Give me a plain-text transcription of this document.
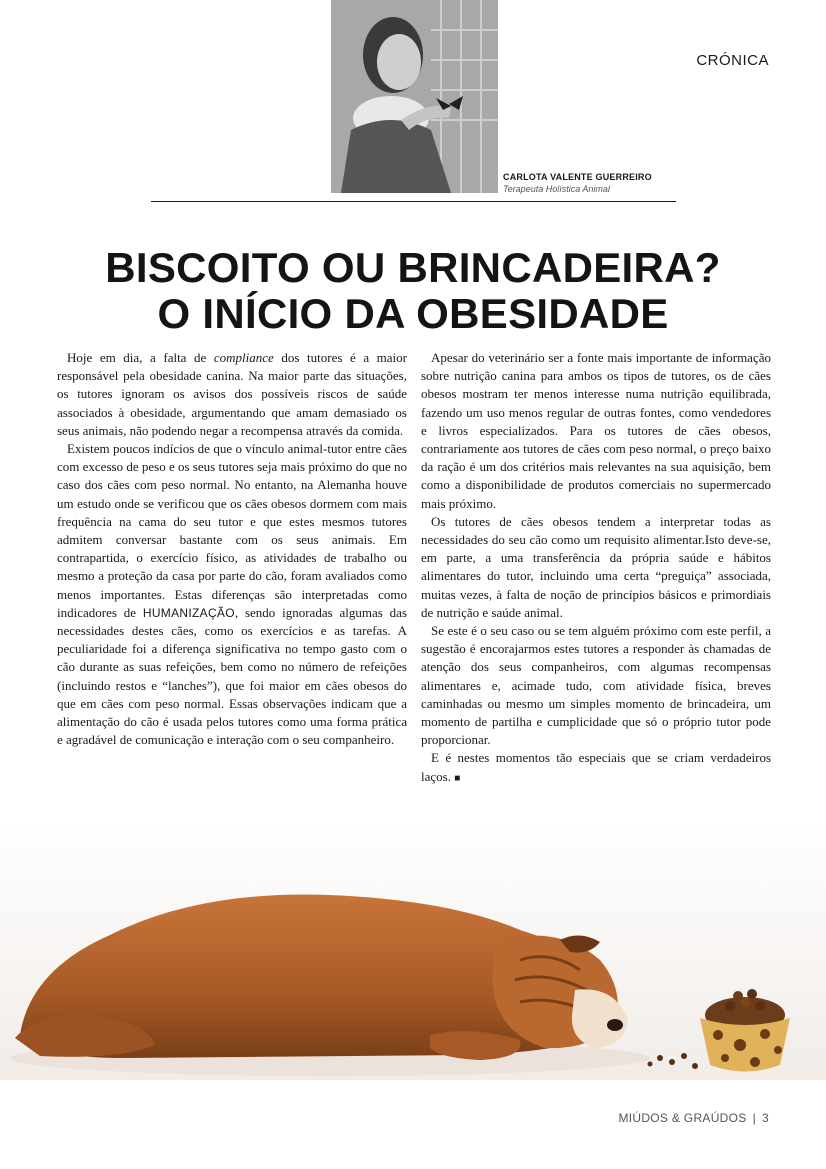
CRÓNICA
CARLOTA VALENTE GUERREIRO
Terapeuta Holística Animal
BISCOITO OU BRINCADEIRA?
O INÍCIO DA OBESIDADE

Hoje em dia, a falta de compliance dos tutores é a maior responsável pela obesidade canina. Na maior parte das situações, os tutores ignoram os avisos dos possíveis riscos de saúde associados à obesidade, argumentando que amam demasiado os seus animais, não podendo negar a recompensa através da comida.

Existem poucos indícios de que o vínculo animal-tutor entre cães com excesso de peso e os seus tutores seja mais próximo do que no caso dos cães com peso normal. No entanto, na Alemanha houve um estudo onde se verificou que os cães obesos dormem com mais frequência na cama do seu tutor e que estes mesmos tutores admitem conversar bastante com os seus animais. Em contrapartida, o exercício físico, as atividades de trabalho ou mesmo a proteção da casa por parte do cão, foram avaliados como menos importantes. Estas diferenças são interpretadas como indicadores de HUMANIZAÇÃO, sendo ignoradas algumas das necessidades destes cães, como os exercícios e as tarefas. A peculiaridade foi a diferença significativa no tempo gasto com o cão durante as suas refeições, bem como no número de refeições (incluindo restos e “lanches”), que foi maior em cães obesos do que em cães com peso normal. Essas observações indicam que a alimentação do cão é usada pelos tutores como uma forma prática e agradável de comunicação e interação com o seu companheiro.

Apesar do veterinário ser a fonte mais importante de informação sobre nutrição canina para ambos os tipos de tutores, os de cães obesos mostram ter menos interesse numa nutrição equilibrada, fazendo um uso menos regular de outras fontes, como vendedores e livros especializados. Para os tutores de cães obesos, contrariamente aos tutores de cães com peso normal, o preço baixo da ração é um dos critérios mais relevantes na sua aquisição, bem como a disponibilidade de produtos comerciais no supermercado mais próximo.

Os tutores de cães obesos tendem a interpretar todas as necessidades do seu cão como um requisito alimentar.Isto deve-se, em parte, a uma transferência da própria saúde e hábitos alimentares do tutor, incluindo uma certa “preguiça” associada, muitas vezes, à falta de noção de princípios básicos e primordiais de nutrição e saúde animal.

Se este é o seu caso ou se tem alguém próximo com este perfil, a sugestão é encorajarmos estes tutores a responder às chamadas de atenção dos seus companheiros, com algumas recompensas alimentares e, acimade tudo, com atividade física, breves caminhadas ou mesmo um simples momento de brincadeira, um momento de partilha e cumplicidade que só o próprio tutor pode proporcionar.

E é nestes momentos tão especiais que se criam verdadeiros laços. ■

MIÚDOS & GRAÚDOS | 3
